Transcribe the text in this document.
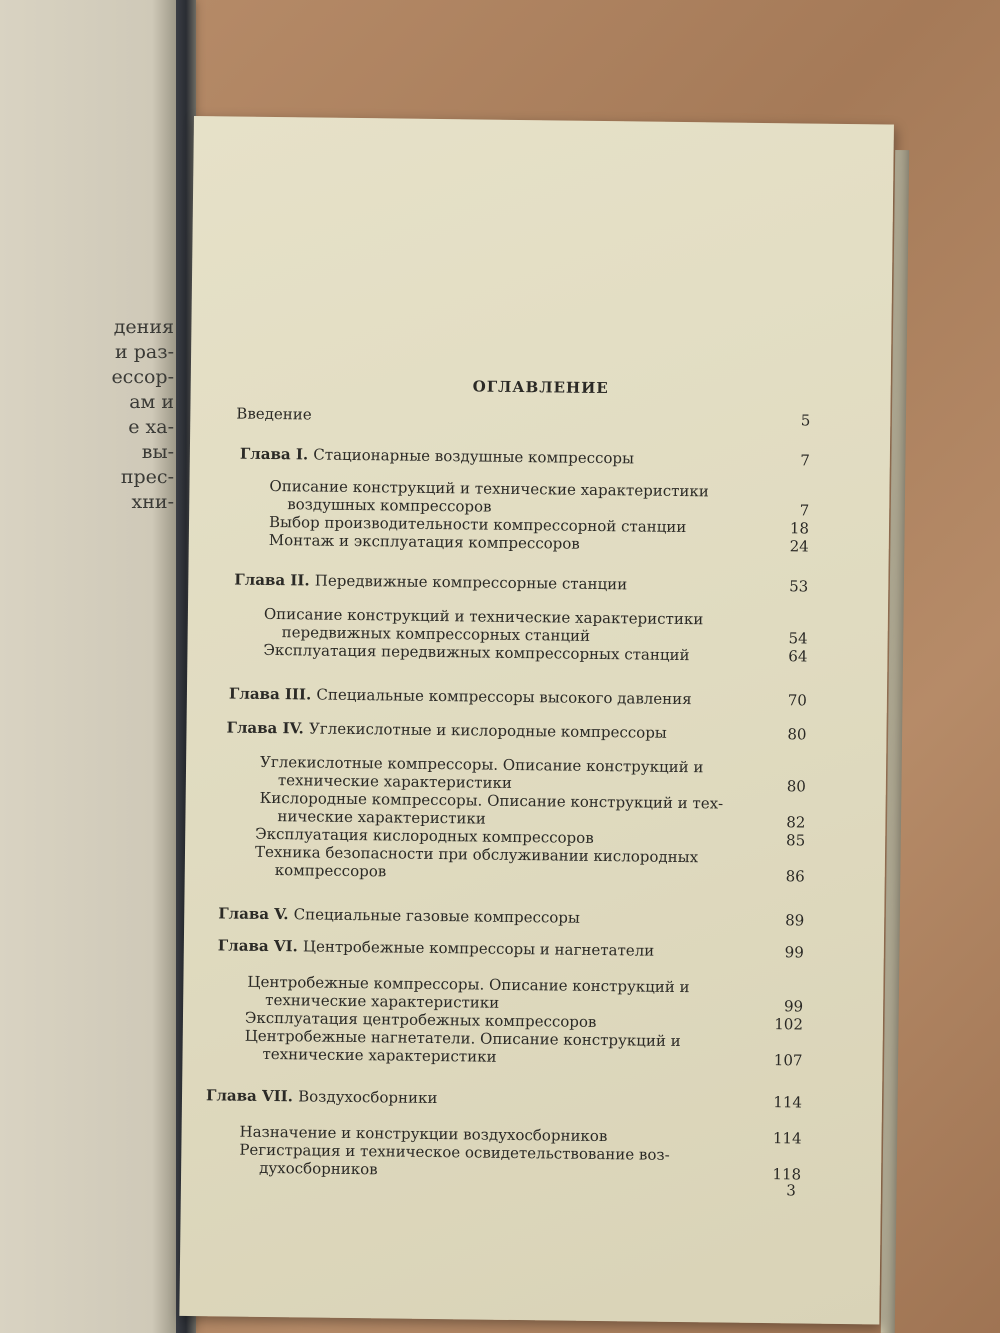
дения
и раз-
ессор-
ам и
е ха-
вы-
прес-
хни-
ОГЛАВЛЕНИЕ
Введение	5
Глава I. Стационарные воздушные компрессоры	7
Описание конструкций и технические характеристики
воздушных компрессоров	7
Выбор производительности компрессорной станции	18
Монтаж и эксплуатация компрессоров	24
Глава II. Передвижные компрессорные станции	53
Описание конструкций и технические характеристики
передвижных компрессорных станций	54
Эксплуатация передвижных компрессорных станций	64
Глава III. Специальные компрессоры высокого давления	70
Глава IV. Углекислотные и кислородные компрессоры	80
Углекислотные компрессоры. Описание конструкций и
технические характеристики	80
Кислородные компрессоры. Описание конструкций и тех-
нические характеристики	82
Эксплуатация кислородных компрессоров	85
Техника безопасности при обслуживании кислородных
компрессоров	86
Глава V. Специальные газовые компрессоры	89
Глава VI. Центробежные компрессоры и нагнетатели	99
Центробежные компрессоры. Описание конструкций и
технические характеристики	99
Эксплуатация центробежных компрессоров	102
Центробежные нагнетатели. Описание конструкций и
технические характеристики	107
Глава VII. Воздухосборники	114
Назначение и конструкции воздухосборников	114
Регистрация и техническое освидетельствование воз-
духосборников	118
3
